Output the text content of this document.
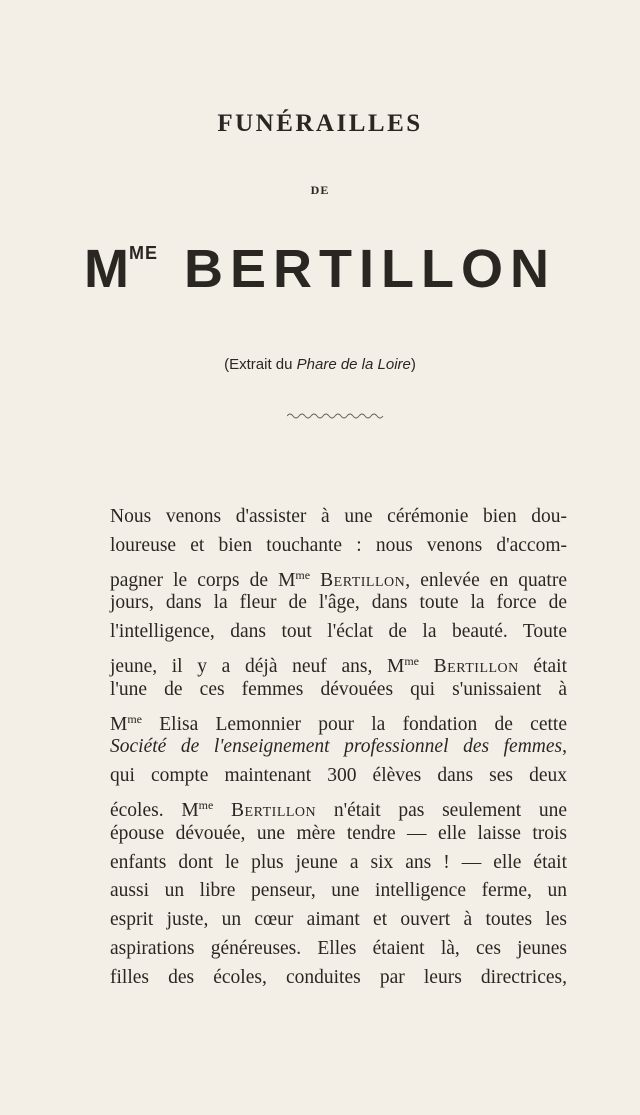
FUNÉRAILLES
DE
$M^{ME}$ BERTILLON
(Extrait du Phare de la Loire)
Nous venons d'assister à une cérémonie bien dou-
loureuse et bien touchante : nous venons d'accom-
pagner le corps de $M^{me}$ Bertillon, enlevée en quatre
jours, dans la fleur de l'âge, dans toute la force de
l'intelligence, dans tout l'éclat de la beauté. Toute
jeune, il y a déjà neuf ans, $M^{me}$ Bertillon était
l'une de ces femmes dévouées qui s'unissaient à
$M^{me}$ Elisa Lemonnier pour la fondation de cette
Société de l'enseignement professionnel des femmes,
qui compte maintenant 300 élèves dans ses deux
écoles. $M^{me}$ Bertillon n'était pas seulement une
épouse dévouée, une mère tendre — elle laisse trois
enfants dont le plus jeune a six ans ! — elle était
aussi un libre penseur, une intelligence ferme, un
esprit juste, un cœur aimant et ouvert à toutes les
aspirations généreuses. Elles étaient là, ces jeunes
filles des écoles, conduites par leurs directrices,
